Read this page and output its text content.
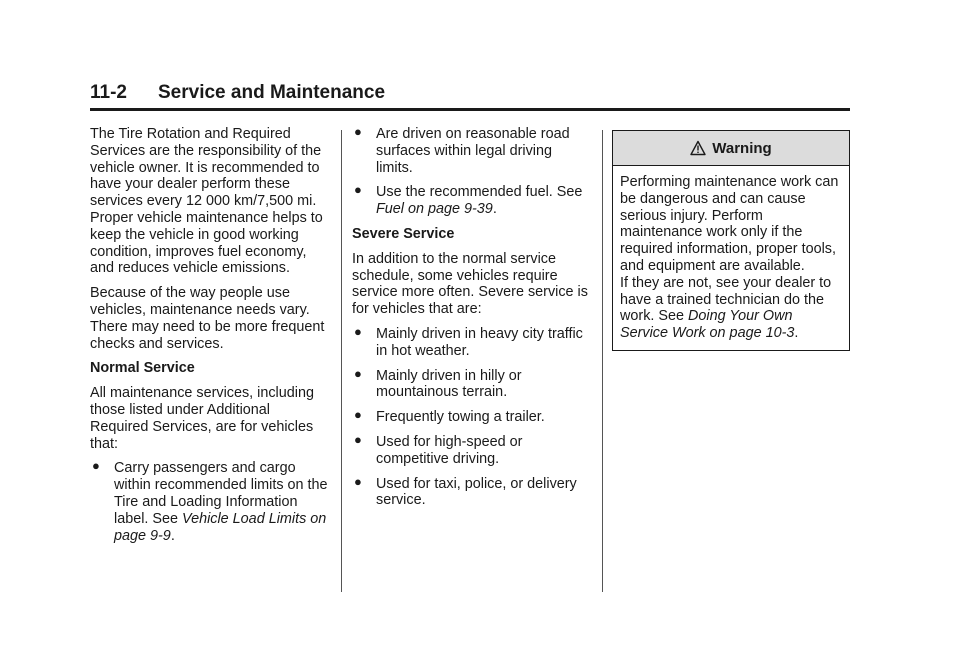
11-2	Service and Maintenance

The Tire Rotation and Required Services are the responsibility of the vehicle owner. It is recommended to have your dealer perform these services every 12 000 km/7,500 mi. Proper vehicle maintenance helps to keep the vehicle in good working condition, improves fuel economy, and reduces vehicle emissions.

Because of the way people use vehicles, maintenance needs vary. There may need to be more frequent checks and services.

Normal Service

All maintenance services, including those listed under Additional Required Services, are for vehicles that:

● Carry passengers and cargo within recommended limits on the Tire and Loading Information label. See Vehicle Load Limits on page 9-9.
● Are driven on reasonable road surfaces within legal driving limits.
● Use the recommended fuel. See Fuel on page 9-39.

Severe Service

In addition to the normal service schedule, some vehicles require service more often. Severe service is for vehicles that are:

● Mainly driven in heavy city traffic in hot weather.
● Mainly driven in hilly or mountainous terrain.
● Frequently towing a trailer.
● Used for high-speed or competitive driving.
● Used for taxi, police, or delivery service.
Warning
Performing maintenance work can be dangerous and can cause serious injury. Perform maintenance work only if the required information, proper tools, and equipment are available.
If they are not, see your dealer to have a trained technician do the work. See Doing Your Own Service Work on page 10-3.
